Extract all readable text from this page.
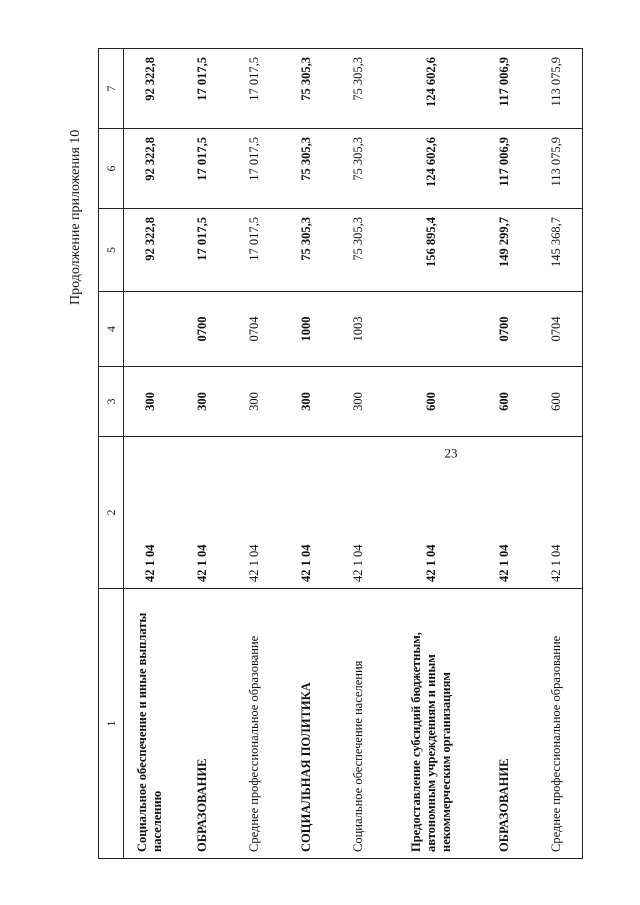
23
Продолжение приложения 10
1	2	3	4	5	6	7
Социальное обеспечение и иные выплаты населению	42 1 04	300		92 322,8	92 322,8	92 322,8
ОБРАЗОВАНИЕ	42 1 04	300	0700	17 017,5	17 017,5	17 017,5
Среднее профессиональное образование	42 1 04	300	0704	17 017,5	17 017,5	17 017,5
СОЦИАЛЬНАЯ ПОЛИТИКА	42 1 04	300	1000	75 305,3	75 305,3	75 305,3
Социальное обеспечение населения	42 1 04	300	1003	75 305,3	75 305,3	75 305,3
Предоставление субсидий бюджетным, автономным учреждениям и иным некоммерческим организациям	42 1 04	600		156 895,4	124 602,6	124 602,6
ОБРАЗОВАНИЕ	42 1 04	600	0700	149 299,7	117 006,9	117 006,9
Среднее профессиональное образование	42 1 04	600	0704	145 368,7	113 075,9	113 075,9
